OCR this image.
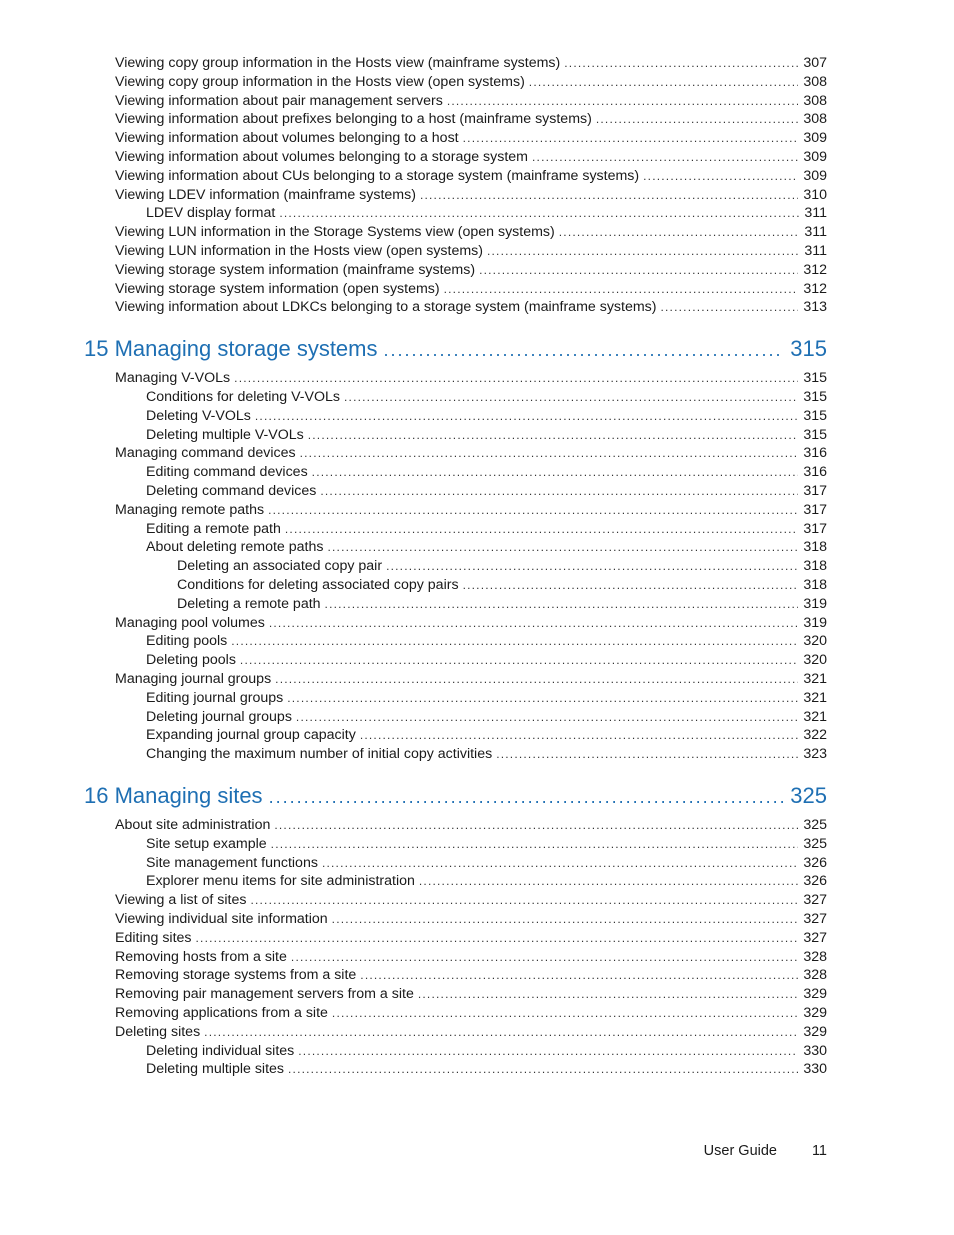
Viewing copy group information in the Hosts view (mainframe systems) .....	307
Viewing copy group information in the Hosts view (open systems) .....	308
Viewing information about pair management servers .....	308
Viewing information about prefixes belonging to a host (mainframe systems) .....	308
Viewing information about volumes belonging to a host .....	309
Viewing information about volumes belonging to a storage system .....	309
Viewing information about CUs belonging to a storage system (mainframe systems) .....	309
Viewing LDEV information (mainframe systems) .....	310
LDEV display format .....	311
Viewing LUN information in the Storage Systems view (open systems) .....	311
Viewing LUN information in the Hosts view (open systems) .....	311
Viewing storage system information (mainframe systems) .....	312
Viewing storage system information (open systems) .....	312
Viewing information about LDKCs belonging to a storage system (mainframe systems) .....	313
15 Managing storage systems .....	315
Managing V-VOLs .....	315
Conditions for deleting V-VOLs .....	315
Deleting V-VOLs .....	315
Deleting multiple V-VOLs .....	315
Managing command devices .....	316
Editing command devices .....	316
Deleting command devices .....	317
Managing remote paths .....	317
Editing a remote path .....	317
About deleting remote paths .....	318
Deleting an associated copy pair .....	318
Conditions for deleting associated copy pairs .....	318
Deleting a remote path .....	319
Managing pool volumes .....	319
Editing pools .....	320
Deleting pools .....	320
Managing journal groups .....	321
Editing journal groups .....	321
Deleting journal groups .....	321
Expanding journal group capacity .....	322
Changing the maximum number of initial copy activities .....	323
16 Managing sites .....	325
About site administration .....	325
Site setup example .....	325
Site management functions .....	326
Explorer menu items for site administration .....	326
Viewing a list of sites .....	327
Viewing individual site information .....	327
Editing sites .....	327
Removing hosts from a site .....	328
Removing storage systems from a site .....	328
Removing pair management servers from a site .....	329
Removing applications from a site .....	329
Deleting sites .....	329
Deleting individual sites .....	330
Deleting multiple sites .....	330
User Guide 11
